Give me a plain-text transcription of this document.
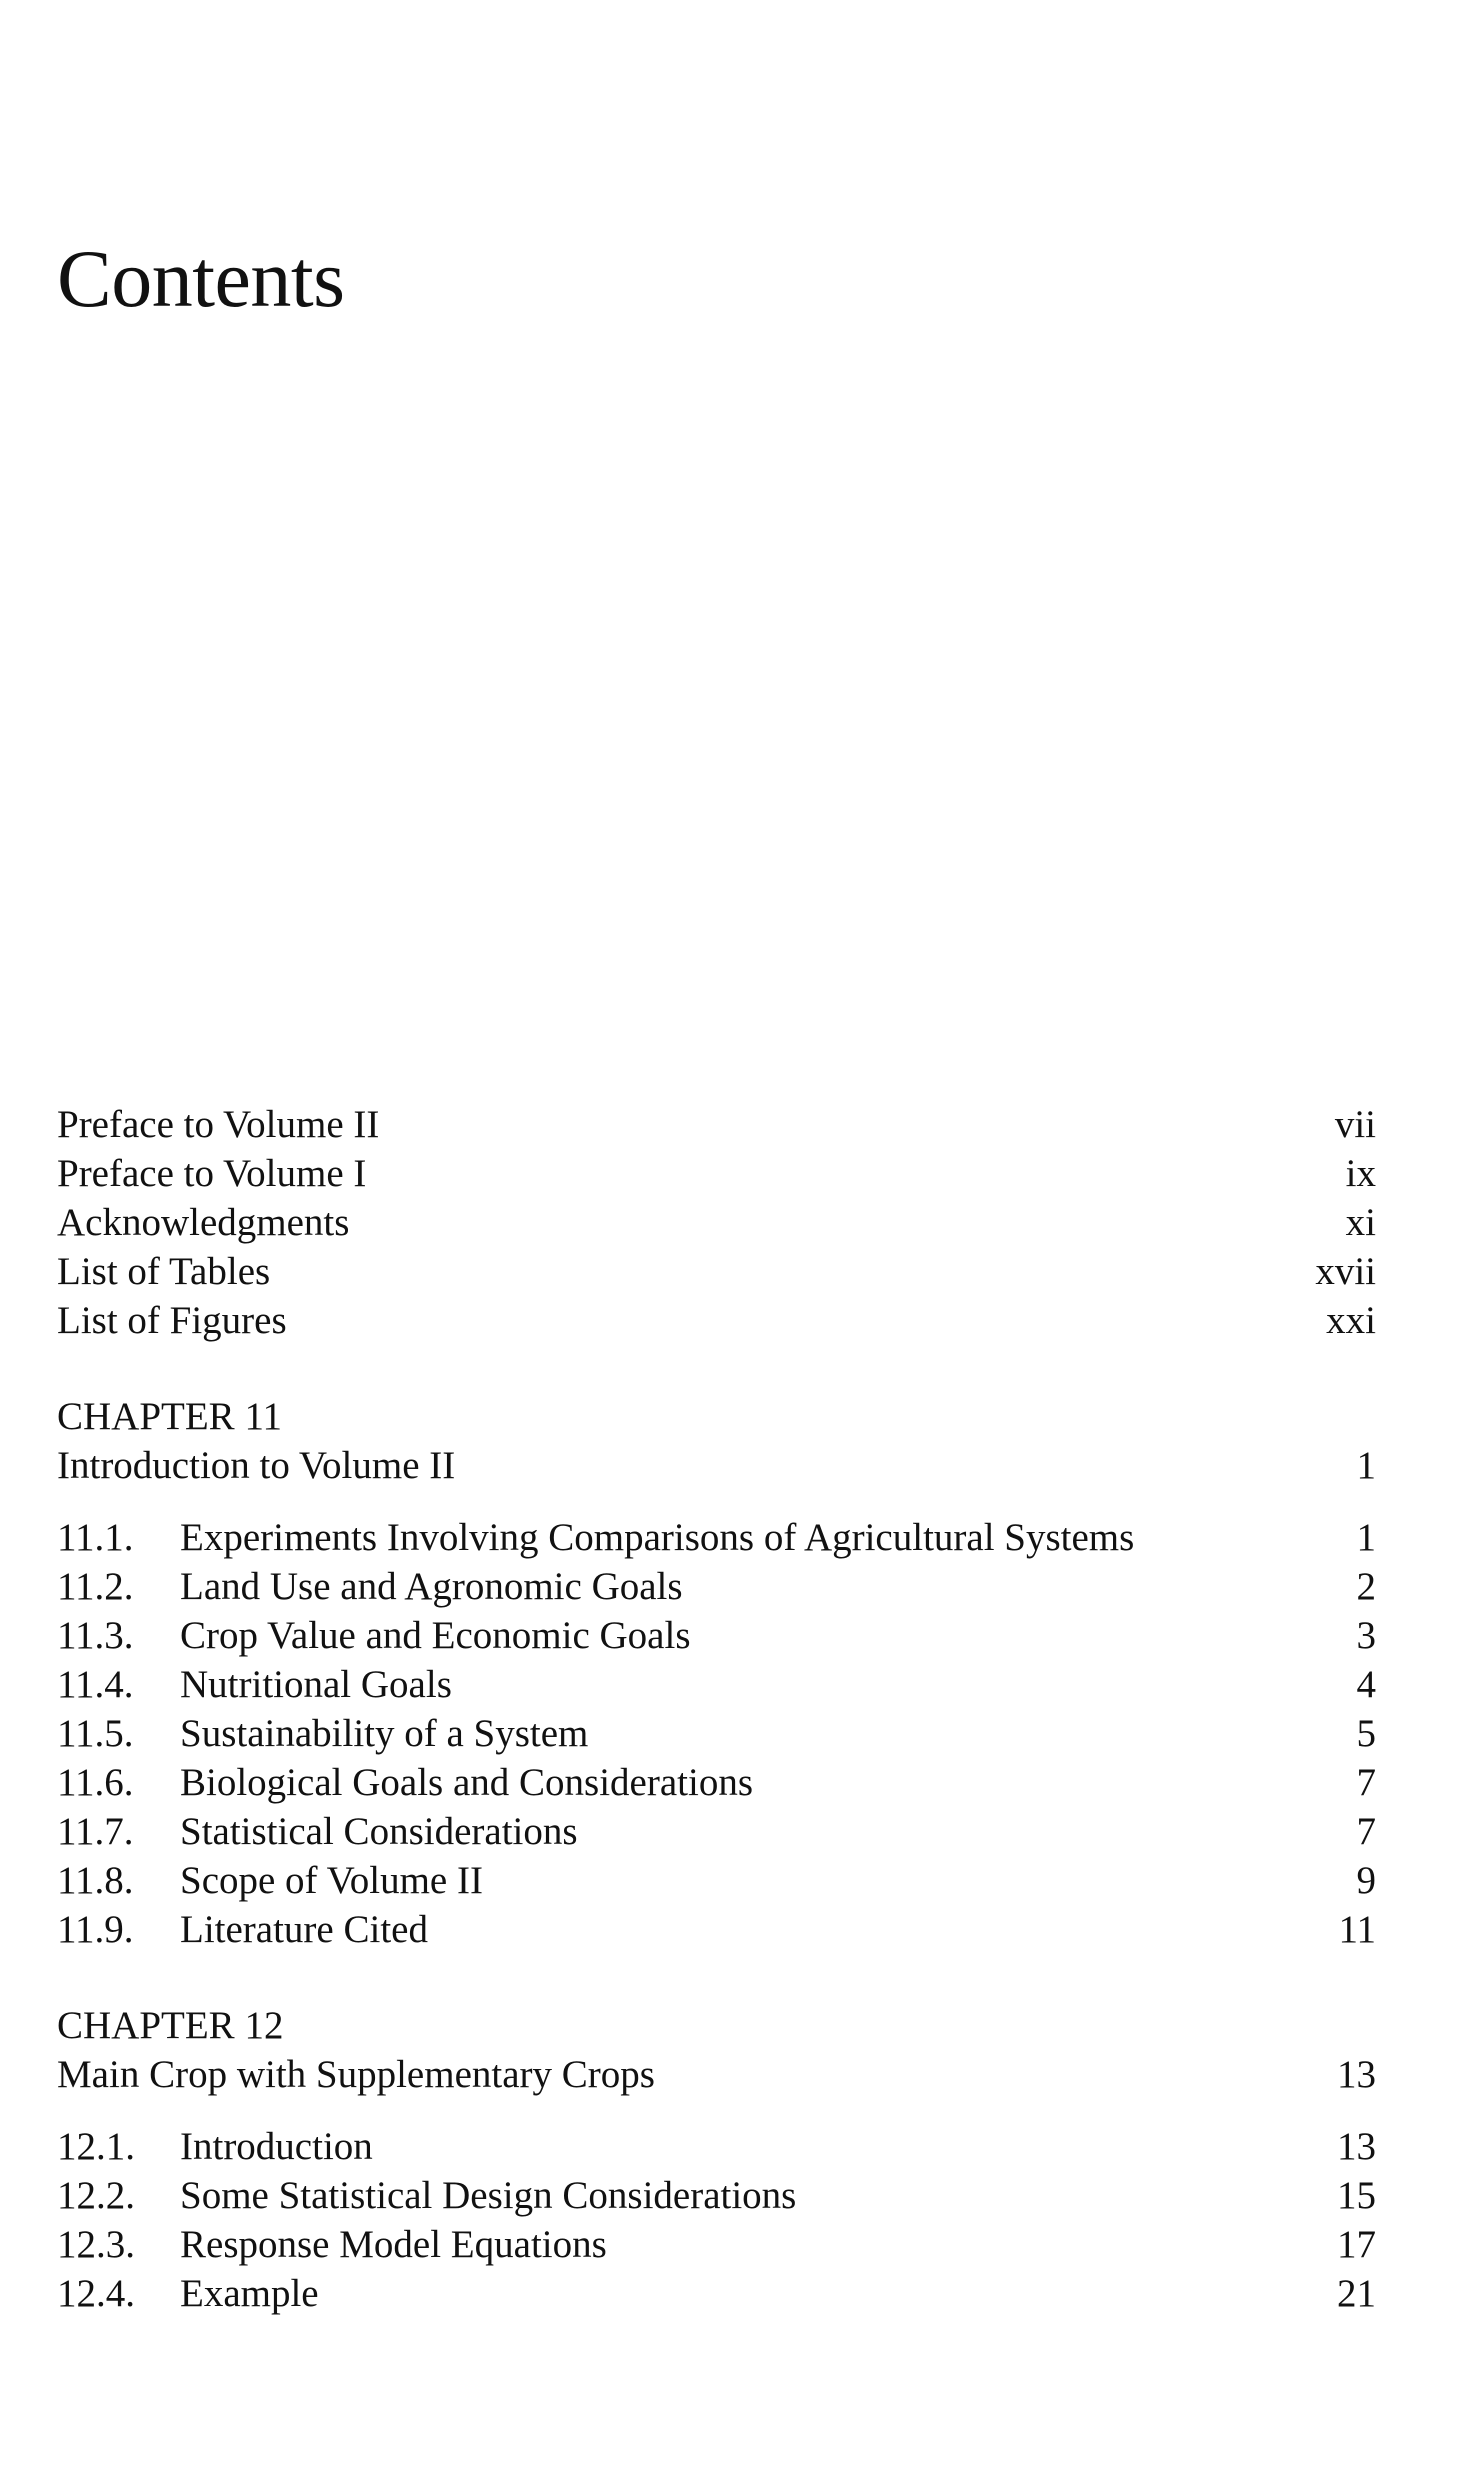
Contents
Preface to Volume II	vii
Preface to Volume I	ix
Acknowledgments	xi
List of Tables	xvii
List of Figures	xxi
CHAPTER 11
Introduction to Volume II	1
11.1.	Experiments Involving Comparisons of Agricultural Systems	1
11.2.	Land Use and Agronomic Goals	2
11.3.	Crop Value and Economic Goals	3
11.4.	Nutritional Goals	4
11.5.	Sustainability of a System	5
11.6.	Biological Goals and Considerations	7
11.7.	Statistical Considerations	7
11.8.	Scope of Volume II	9
11.9.	Literature Cited	11
CHAPTER 12
Main Crop with Supplementary Crops	13
12.1.	Introduction	13
12.2.	Some Statistical Design Considerations	15
12.3.	Response Model Equations	17
12.4.	Example	21
